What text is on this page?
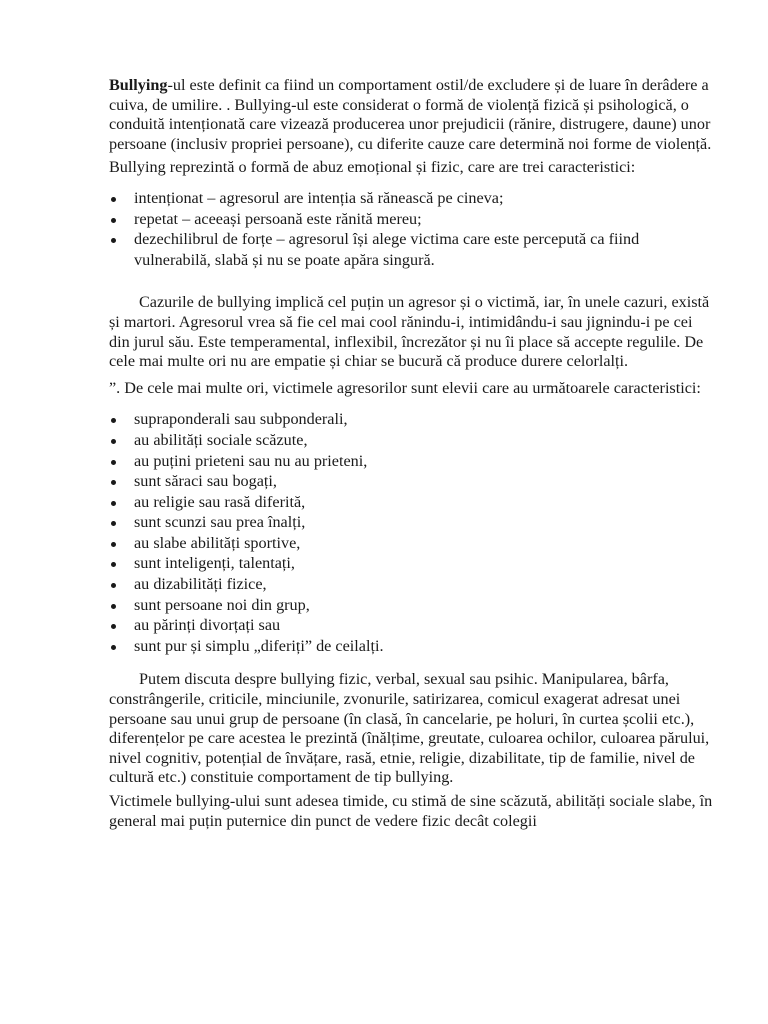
Bullying-ul este definit ca fiind un comportament ostil/de excludere și de luare în derâdere a cuiva, de umilire. . Bullying-ul este considerat o formă de violență fizică și psihologică, o conduită intenționată care vizează producerea unor prejudicii (rănire, distrugere, daune) unor persoane (inclusiv propriei persoane), cu diferite cauze care determină noi forme de violență.

Bullying reprezintă o formă de abuz emoțional și fizic, care are trei caracteristici:

intenționat – agresorul are intenția să rănească pe cineva;
repetat – aceeași persoană este rănită mereu;
dezechilibrul de forțe – agresorul își alege victima care este percepută ca fiind vulnerabilă, slabă și nu se poate apăra singură.

Cazurile de bullying implică cel puțin un agresor și o victimă, iar, în unele cazuri, există și martori. Agresorul vrea să fie cel mai cool rănindu-i, intimidându-i sau jignindu-i pe cei din jurul său. Este temperamental, inflexibil, încrezător și nu îi place să accepte regulile. De cele mai multe ori nu are empatie și chiar se bucură că produce durere celorlalți.

”. De cele mai multe ori, victimele agresorilor sunt elevii care au următoarele caracteristici:

supraponderali sau subponderali,
au abilități sociale scăzute,
au puțini prieteni sau nu au prieteni,
sunt săraci sau bogați,
au religie sau rasă diferită,
sunt scunzi sau prea înalți,
au slabe abilități sportive,
sunt inteligenți, talentați,
au dizabilități fizice,
sunt persoane noi din grup,
au părinți divorțați sau
sunt pur și simplu „diferiți” de ceilalți.

Putem discuta despre bullying fizic, verbal, sexual sau psihic. Manipularea, bârfa, constrângerile, criticile, minciunile, zvonurile, satirizarea, comicul exagerat adresat unei persoane sau unui grup de persoane (în clasă, în cancelarie, pe holuri, în curtea școlii etc.), diferențelor pe care acestea le prezintă (înălțime, greutate, culoarea ochilor, culoarea părului, nivel cognitiv, potențial de învățare, rasă, etnie, religie, dizabilitate, tip de familie, nivel de cultură etc.) constituie comportament de tip bullying.

Victimele bullying-ului sunt adesea timide, cu stimă de sine scăzută, abilități sociale slabe, în general mai puțin puternice din punct de vedere fizic decât colegii
